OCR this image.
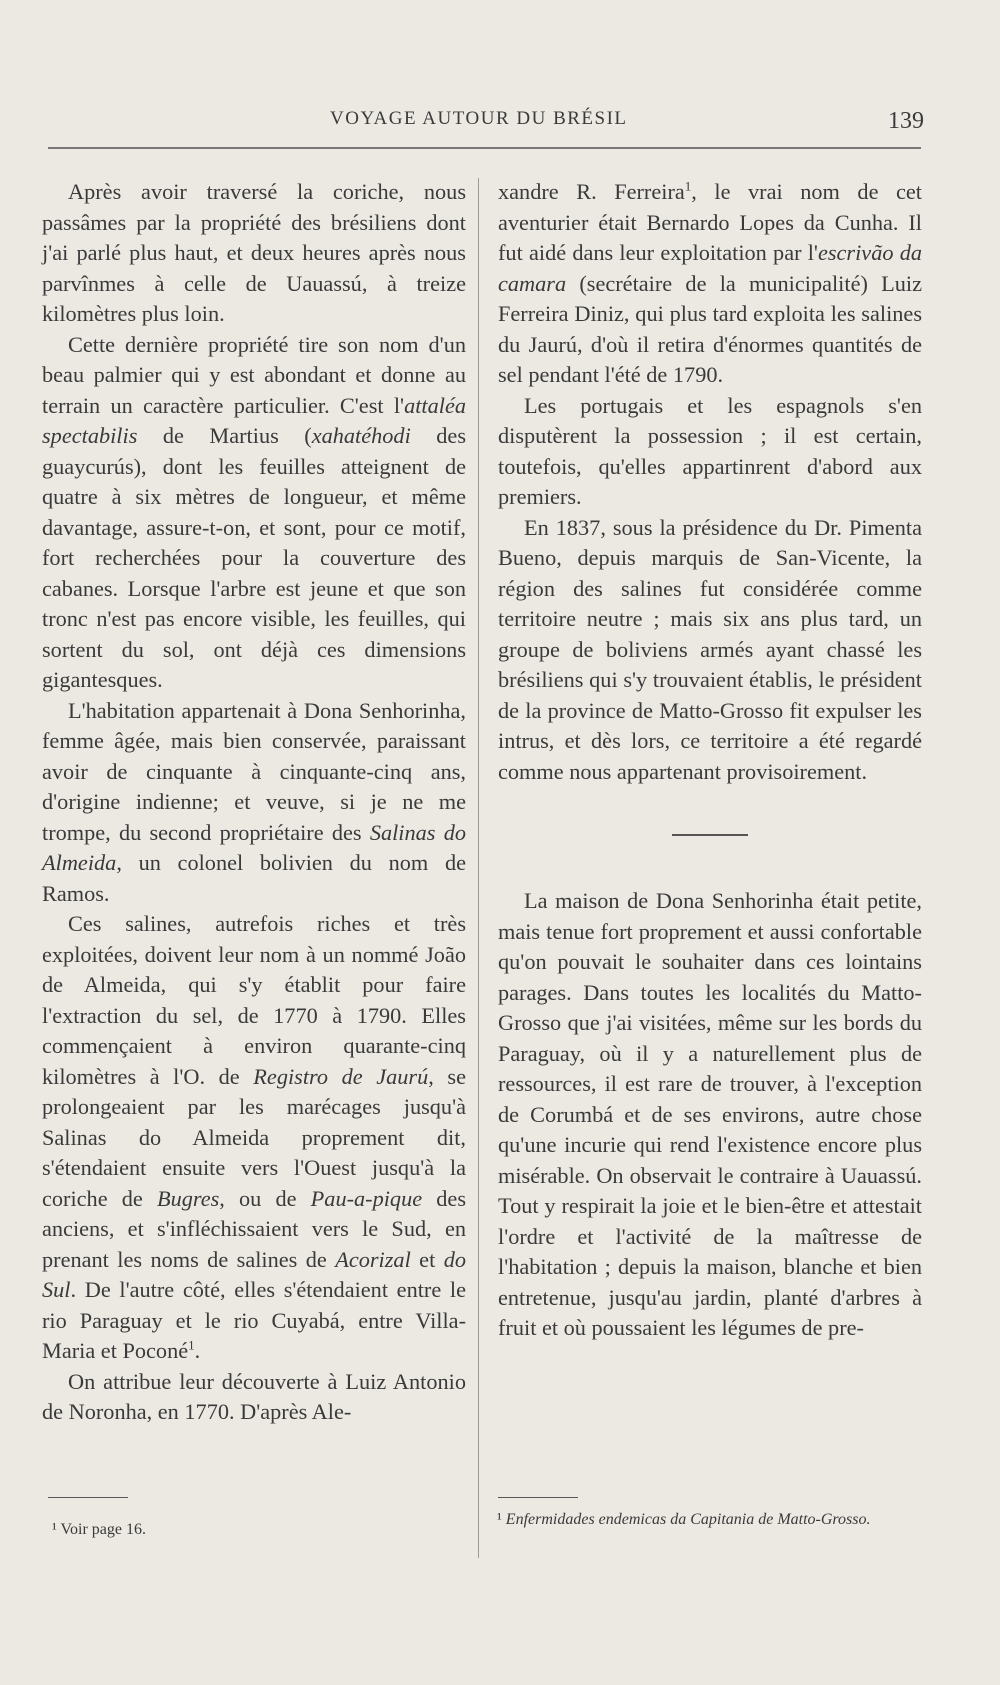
VOYAGE AUTOUR DU BRÉSIL	139

Après avoir traversé la coriche, nous passâmes par la propriété des brésiliens dont j'ai parlé plus haut, et deux heures après nous parvînmes à celle de Uauassú, à treize kilomètres plus loin.

Cette dernière propriété tire son nom d'un beau palmier qui y est abondant et donne au terrain un caractère particulier. C'est l'attaléa spectabilis de Martius (xahatéhodi des guaycurús), dont les feuilles atteignent de quatre à six mètres de longueur, et même davantage, assure-t-on, et sont, pour ce motif, fort recherchées pour la couverture des cabanes. Lorsque l'arbre est jeune et que son tronc n'est pas encore visible, les feuilles, qui sortent du sol, ont déjà ces dimensions gigantesques.

L'habitation appartenait à Dona Senhorinha, femme âgée, mais bien conservée, paraissant avoir de cinquante à cinquante-cinq ans, d'origine indienne; et veuve, si je ne me trompe, du second propriétaire des Salinas do Almeida, un colonel bolivien du nom de Ramos.

Ces salines, autrefois riches et très exploitées, doivent leur nom à un nommé João de Almeida, qui s'y établit pour faire l'extraction du sel, de 1770 à 1790. Elles commençaient à environ quarante-cinq kilomètres à l'O. de Registro de Jaurú, se prolongeaient par les marécages jusqu'à Salinas do Almeida proprement dit, s'étendaient ensuite vers l'Ouest jusqu'à la coriche de Bugres, ou de Pau-a-pique des anciens, et s'infléchissaient vers le Sud, en prenant les noms de salines de Acorizal et do Sul. De l'autre côté, elles s'étendaient entre le rio Paraguay et le rio Cuyabá, entre Villa-Maria et Poconé$^1$.

On attribue leur découverte à Luiz Antonio de Noronha, en 1770. D'après Ale-

xandre R. Ferreira$^1$, le vrai nom de cet aventurier était Bernardo Lopes da Cunha. Il fut aidé dans leur exploitation par l'escrivão da camara (secrétaire de la municipalité) Luiz Ferreira Diniz, qui plus tard exploita les salines du Jaurú, d'où il retira d'énormes quantités de sel pendant l'été de 1790.

Les portugais et les espagnols s'en disputèrent la possession ; il est certain, toutefois, qu'elles appartinrent d'abord aux premiers.

En 1837, sous la présidence du Dr. Pimenta Bueno, depuis marquis de San-Vicente, la région des salines fut considérée comme territoire neutre ; mais six ans plus tard, un groupe de boliviens armés ayant chassé les brésiliens qui s'y trouvaient établis, le président de la province de Matto-Grosso fit expulser les intrus, et dès lors, ce territoire a été regardé comme nous appartenant provisoirement.

La maison de Dona Senhorinha était petite, mais tenue fort proprement et aussi confortable qu'on pouvait le souhaiter dans ces lointains parages. Dans toutes les localités du Matto-Grosso que j'ai visitées, même sur les bords du Paraguay, où il y a naturellement plus de ressources, il est rare de trouver, à l'exception de Corumbá et de ses environs, autre chose qu'une incurie qui rend l'existence encore plus misérable. On observait le contraire à Uauassú. Tout y respirait la joie et le bien-être et attestait l'ordre et l'activité de la maîtresse de l'habitation ; depuis la maison, blanche et bien entretenue, jusqu'au jardin, planté d'arbres à fruit et où poussaient les légumes de pre-

¹ Voir page 16.
¹ Enfermidades endemicas da Capitania de Matto-Grosso.
